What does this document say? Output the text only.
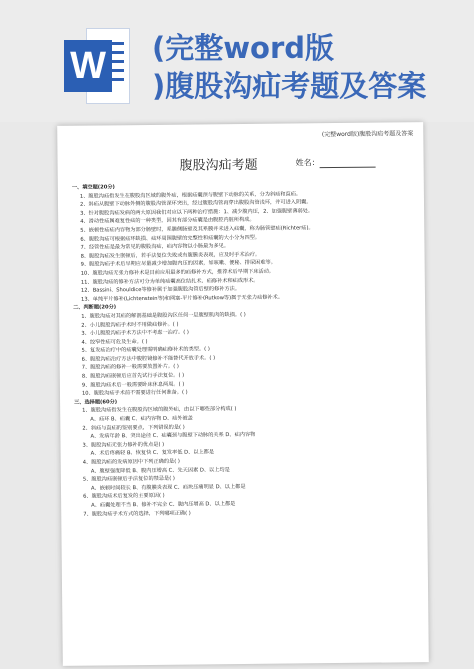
W (完整word版
)腹股沟疝考题及答案
(完整word版)腹股沟疝考题及答案
腹股沟疝考题	姓名：
一、填空题(20分)
1、腹股沟疝指发生在腹股沟区域的腹外疝，根据疝囊颈与腹壁下动脉的关系，分为斜疝和直疝。
2、斜疝从腹壁下动脉外侧的腹股沟管深环突出，经过腹股沟管再穿出腹股沟管浅环，并可进入阴囊。
3、针对腹股沟疝发病的两大原因我们对应以下两种治疗措施：1、减少腹内压，2、加强腹壁薄弱处。
4、滑动性疝属难复性疝的一种类型，因其有部分疝囊是由腹腔内脏所构成。
5、嵌顿性疝疝内容物为部分肠壁时，系膜侧肠壁及其系膜并未进入疝囊，称为肠管壁疝(Richter疝)。
6、腹股沟疝可根据疝环缺损、疝环周围腹壁的完整性和疝囊的大小分为四型。
7、经管性疝是最为常见的腹股沟疝，疝内容物以小肠最为多见。
8、腹股沟疝发生嵌顿后，若手法复位失败或有腹膜炎表现，应及时手术治疗。
9、腹股沟疝手术后早期应尽量减少增加腹内压的因素，如咳嗽、便秘、排尿困难等。
10、腹股沟疝无张力修补术是目前应用最多的疝修补方式，推荐术后早期下床活动。
11、腹股沟疝的修补方法可分为单纯疝囊高位结扎术、疝修补术和疝成形术。
12、Bassini、Shouldice等修补属于加强腹股沟管后壁的修补方法。
13、单纯平片修补(Lichtenstein等)和网塞-平片修补(Rutkow等)属于无张力疝修补术。
二、判断题(20分)
1、腹股沟疝对其疝的解剖基础是腹股沟区任何一层腹壁肌肉的缺损。( )
2、小儿腹股沟疝手术时不用做疝修补。( )
3、小儿腹股沟疝手术方法中不考虑一治疗。( )
4、绞窄性疝可危及生命。( )
5、复发疝治疗中的疝囊处理需明确疝修补术的类型。( )
6、腹股沟疝治疗方法中腹腔镜修补不能替代开放手术。( )
7、腹股沟疝的修补一般需要放置补片。( )
8、腹股沟疝嵌顿后应首先试行手法复位。( )
9、腹股沟疝术后一般需要卧床休息两周。( )
10、腹股沟疝手术前不需要进行任何准备。( )
三、选择题(60分)
1、腹股沟疝指发生在腹股沟区域的腹外疝，由以下哪些部分构成( )
A、疝环 B、疝囊 C、疝内容物 D、疝外被盖
2、斜疝与直疝的鉴别要点，下列错误的是( )
A、发病年龄 B、突出途径 C、疝囊颈与腹壁下动脉的关系 D、疝内容物
3、腹股沟疝无张力修补的优点是( )
A、术后疼痛轻 B、恢复快 C、复发率低 D、以上都是
4、腹股沟疝的发病原因中下列正确的是( )
A、腹壁强度降低 B、腹内压增高 C、先天因素 D、以上均是
5、腹股沟疝嵌顿后手法复位的禁忌是( )
A、嵌顿时间较长 B、有腹膜炎表现 C、疝块压痛明显 D、以上都是
6、腹股沟疝术后复发的主要原因( )
A、疝囊处理不当 B、修补不完全 C、腹内压增高 D、以上都是
7、腹股沟疝手术方式的选择，下列哪项正确( )
